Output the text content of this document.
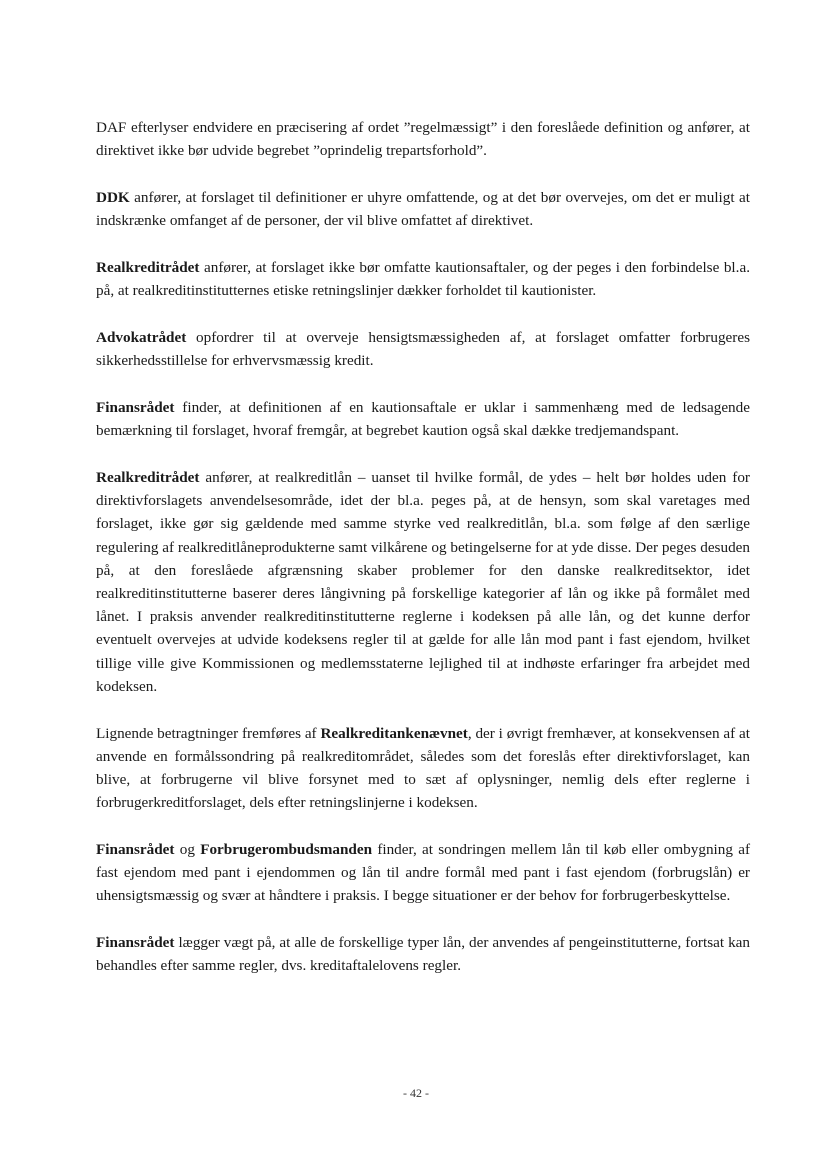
DAF efterlyser endvidere en præcisering af ordet ”regelmæssigt” i den foreslåede definition og anfører, at direktivet ikke bør udvide begrebet ”oprindelig trepartsforhold”.

DDK anfører, at forslaget til definitioner er uhyre omfattende, og at det bør overvejes, om det er muligt at indskrænke omfanget af de personer, der vil blive omfattet af direktivet.

Realkreditrådet anfører, at forslaget ikke bør omfatte kautionsaftaler, og der peges i den forbindelse bl.a. på, at realkreditinstitutternes etiske retningslinjer dækker forholdet til kautionister.

Advokatrådet opfordrer til at overveje hensigtsmæssigheden af, at forslaget omfatter forbrugeres sikkerhedsstillelse for erhvervsmæssig kredit.

Finansrådet finder, at definitionen af en kautionsaftale er uklar i sammenhæng med de ledsagende bemærkning til forslaget, hvoraf fremgår, at begrebet kaution også skal dække tredjemandspant.

Realkreditrådet anfører, at realkreditlån – uanset til hvilke formål, de ydes – helt bør holdes uden for direktivforslagets anvendelsesområde, idet der bl.a. peges på, at de hensyn, som skal varetages med forslaget, ikke gør sig gældende med samme styrke ved realkreditlån, bl.a. som følge af den særlige regulering af realkreditlåneprodukterne samt vilkårene og betingelserne for at yde disse. Der peges desuden på, at den foreslåede afgrænsning skaber problemer for den danske realkreditsektor, idet realkreditinstitutterne baserer deres långivning på forskellige kategorier af lån og ikke på formålet med lånet. I praksis anvender realkreditinstitutterne reglerne i kodeksen på alle lån, og det kunne derfor eventuelt overvejes at udvide kodeksens regler til at gælde for alle lån mod pant i fast ejendom, hvilket tillige ville give Kommissionen og medlemsstaterne lejlighed til at indhøste erfaringer fra arbejdet med kodeksen.

Lignende betragtninger fremføres af Realkreditankenævnet, der i øvrigt fremhæver, at konsekvensen af at anvende en formålssondring på realkreditområdet, således som det foreslås efter direktivforslaget, kan blive, at forbrugerne vil blive forsynet med to sæt af oplysninger, nemlig dels efter reglerne i forbrugerkreditforslaget, dels efter retningslinjerne i kodeksen.

Finansrådet og Forbrugerombudsmanden finder, at sondringen mellem lån til køb eller ombygning af fast ejendom med pant i ejendommen og lån til andre formål med pant i fast ejendom (forbrugslån) er uhensigtsmæssig og svær at håndtere i praksis. I begge situationer er der behov for forbrugerbeskyttelse.

Finansrådet lægger vægt på, at alle de forskellige typer lån, der anvendes af pengeinstitutterne, fortsat kan behandles efter samme regler, dvs. kreditaftalelovens regler.

- 42 -
